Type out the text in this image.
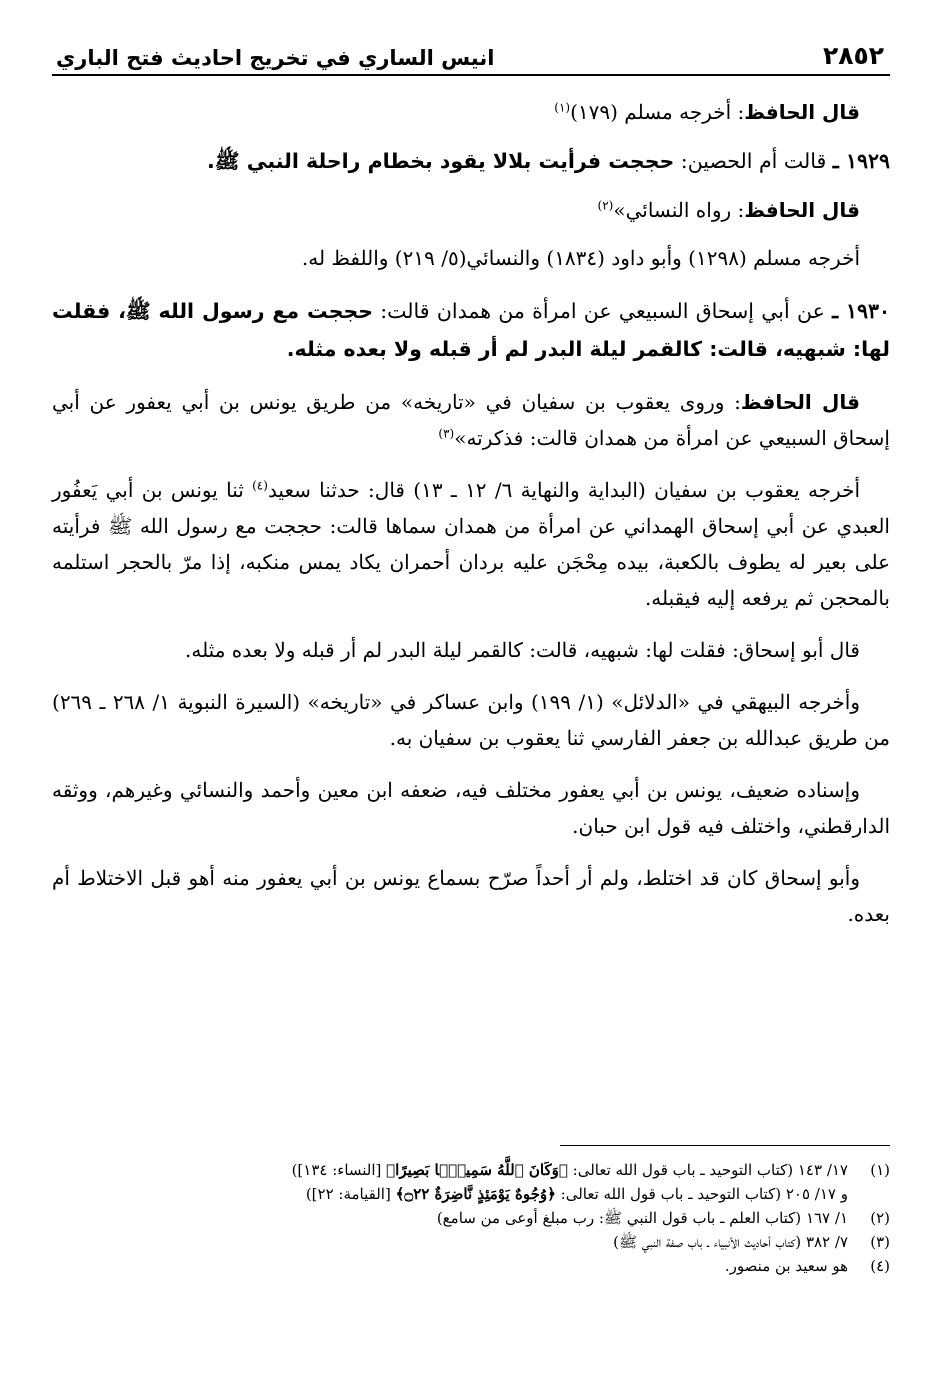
٢٨٥٢
انيس الساري في تخريج احاديث فتح الباري

قال الحافظ: أخرجه مسلم (١٧٩)$^{(١)}$

١٩٢٩ ـ قالت أم الحصين: حججت فرأيت بلالا يقود بخطام راحلة النبي ﷺ.

قال الحافظ: رواه النسائي»$^{(٢)}$

أخرجه مسلم (١٢٩٨) وأبو داود (١٨٣٤) والنسائي(٥/ ٢١٩) واللفظ له.

١٩٣٠ ـ عن أبي إسحاق السبيعي عن امرأة من همدان قالت: حججت مع رسول الله ﷺ، فقلت لها: شبهيه، قالت: كالقمر ليلة البدر لم أر قبله ولا بعده مثله.

قال الحافظ: وروى يعقوب بن سفيان في «تاريخه» من طريق يونس بن أبي يعفور عن أبي إسحاق السبيعي عن امرأة من همدان قالت: فذكرته»$^{(٣)}$

أخرجه يعقوب بن سفيان (البداية والنهاية ٦/ ١٢ ـ ١٣) قال: حدثنا سعيد$^{(٤)}$ ثنا يونس بن أبي يَعفُور العبدي عن أبي إسحاق الهمداني عن امرأة من همدان سماها قالت: حججت مع رسول الله ﷺ فرأيته على بعير له يطوف بالكعبة، بيده مِحْجَن عليه بردان أحمران يكاد يمس منكبه، إذا مرّ بالحجر استلمه بالمحجن ثم يرفعه إليه فيقبله.

قال أبو إسحاق: فقلت لها: شبهيه، قالت: كالقمر ليلة البدر لم أر قبله ولا بعده مثله.

وأخرجه البيهقي في «الدلائل» (١/ ١٩٩) وابن عساكر في «تاريخه» (السيرة النبوية ١/ ٢٦٨ ـ ٢٦٩) من طريق عبدالله بن جعفر الفارسي ثنا يعقوب بن سفيان به.

وإسناده ضعيف، يونس بن أبي يعفور مختلف فيه، ضعفه ابن معين وأحمد والنسائي وغيرهم، ووثقه الدارقطني، واختلف فيه قول ابن حبان.

وأبو إسحاق كان قد اختلط، ولم أر أحداً صرّح بسماع يونس بن أبي يعفور منه أهو قبل الاختلاط أم بعده.

(١)
١٧/ ١٤٣ (كتاب التوحيد ـ باب قول الله تعالى: ﴿وَكَانَ ٱللَّهُ سَمِيعًۢا بَصِيرًا﴾ [النساء: ١٣٤])

و ١٧/ ٢٠٥ (كتاب التوحيد ـ باب قول الله تعالى: ﴿وُجُوهٌ يَوْمَئِذٍ نَّاضِرَةٌ ۝٢٢﴾ [القيامة: ٢٢])

(٢)
١/ ١٦٧ (كتاب العلم ـ باب قول النبي ﷺ: رب مبلغ أوعى من سامع)

(٣)
٧/ ٣٨٢ (كتاب أحاديث الأنبياء ـ باب صفة النبي ﷺ)

(٤)
هو سعيد بن منصور.
